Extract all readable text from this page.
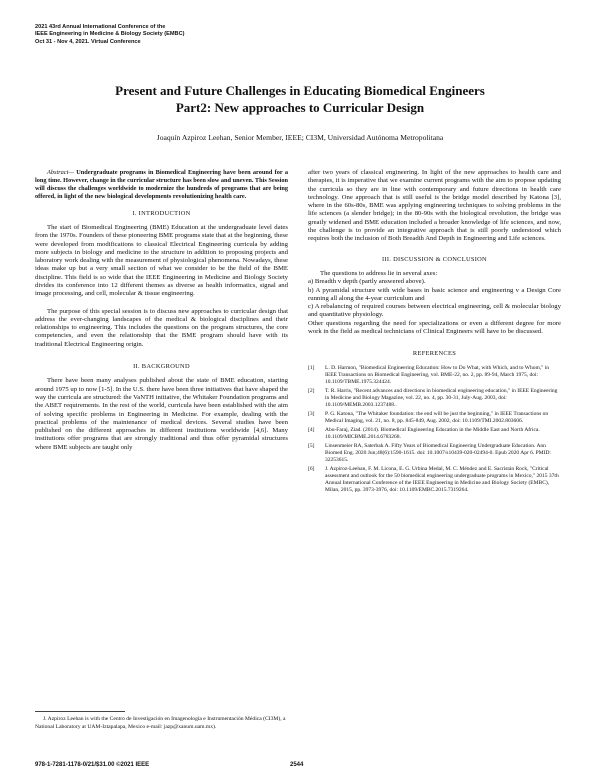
2021 43rd Annual International Conference of the
IEEE Engineering in Medicine & Biology Society (EMBC)
Oct 31 - Nov 4, 2021. Virtual Conference
Present and Future Challenges in Educating Biomedical Engineers
Part2: New approaches to Curricular Design
Joaquín Azpiroz Leehan, Senior Member, IEEE; CI3M, Universidad Autónoma Metropolitana

Abstract— Undergraduate programs in Biomedical Engineering have been around for a long time. However, change in the curricular structure has been slow and uneven. This Session will discuss the challenges worldwide to modernize the hundreds of programs that are being offered, in light of the new biological developments revolutionizing health care.

I. INTRODUCTION

The start of Biomedical Engineering (BME) Education at the undergraduate level dates from the 1970s. Founders of these pioneering BME programs state that at the beginning, these were developed from modifications to classical Electrical Engineering curricula by adding more subjects in biology and medicine to the structure in addition to proposing projects and laboratory work dealing with the measurement of physiological phenomena. Nowadays, these ideas make up but a very small section of what we consider to be the field of the BME discipline. This field is so wide that the IEEE Engineering in Medicine and Biology Society divides its conference into 12 different themes as diverse as health informatics, signal and image processing, and cell, molecular & tissue engineering.

The purpose of this special session is to discuss new approaches to curricular design that address the ever-changing landscapes of the medical & biological disciplines and their relationships to engineering. This includes the questions on the program structures, the core competencies, and even the relationship that the BME program should have with its traditional Electrical Engineering origin.

II. BACKGROUND

There have been many analyses published about the state of BME education, starting around 1975 up to now [1-5]. In the U.S. there have been three initiatives that have shaped the way the curricula are structured: the VaNTH initiative, the Whitaker Foundation programs and the ABET requirements. In the rest of the world, curricula have been established with the aim of solving specific problems in Engineering in Medicine. For example, dealing with the practical problems of the maintenance of medical devices. Several studies have been published on the different approaches in different institutions worldwide [4,6]. Many institutions offer programs that are strongly traditional and thus offer pyramidal structures where BME subjects are taught only

J. Azpiroz Leehan is with the Centro de Investigación en Imagenología e Instrumentación Médica (CI3M), a National Laboratory at UAM-Iztapalapa, Mexico e-mail: jazp@xanum.uam.mx).

after two years of classical engineering. In light of the new approaches to health care and therapies, it is imperative that we examine current programs with the aim to propose updating the curricula so they are in line with contemporary and future directions in health care technology. One approach that is still useful is the bridge model described by Katona [3], where in the 60s-80s, BME was applying engineering techniques to solving problems in the life sciences (a slender bridge); in the 80-90s with the biological revolution, the bridge was greatly widened and BME education included a broader knowledge of life sciences, and now, the challenge is to provide an integrative approach that is still poorly understood which requires both the inclusion of Both Breadth And Depth in Engineering and Life sciences.

III. DISCUSSION & CONCLUSION

The questions to address lie in several axes:

a) Breadth v depth (partly answered above).

b) A pyramidal structure with wide bases in basic science and engineering v a Design Core running all along the 4-year curriculum and

c) A rebalancing of required courses between electrical engineering, cell & molecular biology and quantitative physiology.

Other questions regarding the need for specializations or even a different degree for more work in the field as medical technicians of Clinical Engineers will have to be discussed.

REFERENCES
[1]	L. D. Harmon, "Biomedical Engineering Education: How to Do What, with Which, and to Whom," in IEEE Transactions on Biomedical Engineering, vol. BME-22, no. 2, pp. 89-94, March 1975, doi: 10.1109/TBME.1975.324424.
[2]	T. R. Harris, "Recent advances and directions in biomedical engineering education," in IEEE Engineering in Medicine and Biology Magazine, vol. 22, no. 4, pp. 30-31, July-Aug. 2003, doi: 10.1109/MEMB.2003.1237488..
[3]	P. G. Katona, "The Whitaker foundation: the end will be just the beginning," in IEEE Transactions on Medical Imaging, vol. 21, no. 8, pp. 845-849, Aug. 2002, doi: 10.1109/TMI.2002.803606.
[4]	Abu-Faraj, Ziad. (2014). Biomedical Engineering Education in the Middle East and North Africa. 10.1109/MICBME.2014.6783268.
[5]	Linsenmeier RA, Saterbak A. Fifty Years of Biomedical Engineering Undergraduate Education. Ann Biomed Eng. 2020 Jun;48(6):1590-1615. doi: 10.1007/s10439-020-02494-0. Epub 2020 Apr 6. PMID: 32253615.
[6]	J. Azpiroz-Leehan, F. M. Licona, E. G. Urbina Medal, M. C. Méndez and E. Sacristán Rock, "Critical assessment and outlook for the 50 biomedical engineering undergraduate programs in Mexico," 2015 37th Annual International Conference of the IEEE Engineering in Medicine and Biology Society (EMBC), Milan, 2015, pp. 3973-3976, doi: 10.1109/EMBC.2015.7319264.
978-1-7281-1178-0/21/$31.00 ©2021 IEEE	2544
